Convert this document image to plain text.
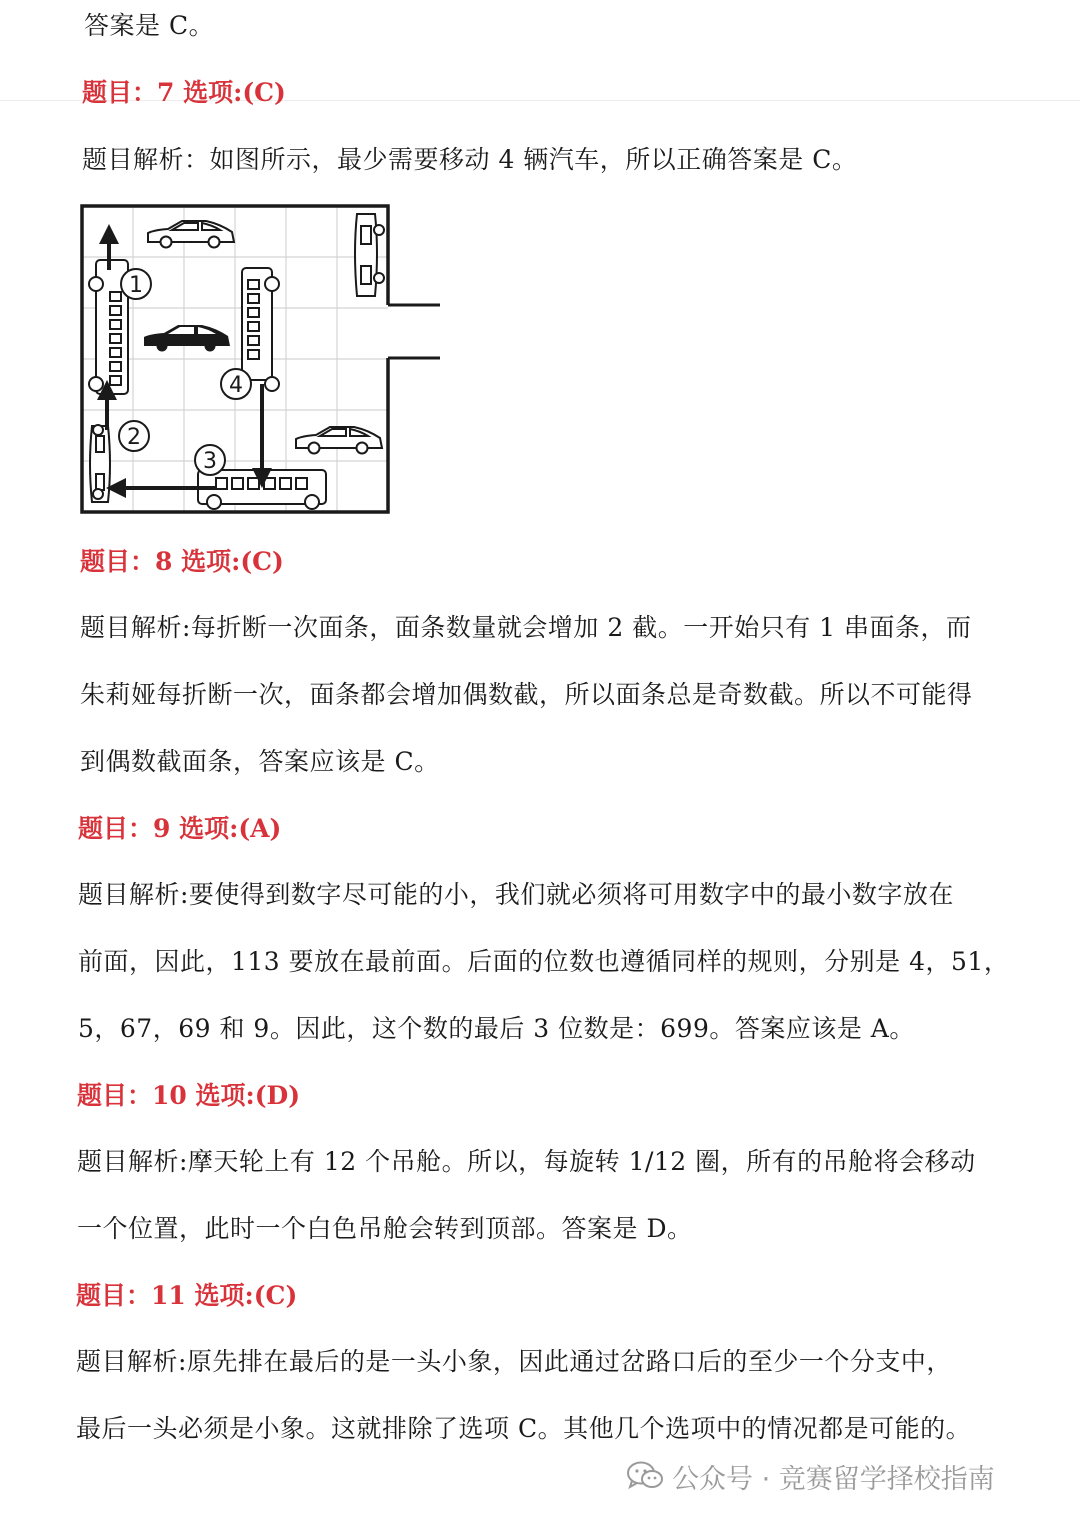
答案是 C。
题目：7 选项:(C)
题目解析：如图所示，最少需要移动 4 辆汽车，所以正确答案是 C。
1
2
3
4
题目：8 选项:(C)
题目解析:每折断一次面条，面条数量就会增加 2 截。一开始只有 1 串面条，而
朱莉娅每折断一次，面条都会增加偶数截，所以面条总是奇数截。所以不可能得
到偶数截面条，答案应该是 C。
题目：9 选项:(A)
题目解析:要使得到数字尽可能的小，我们就必须将可用数字中的最小数字放在
前面，因此，113 要放在最前面。后面的位数也遵循同样的规则，分别是 4，51，
5，67，69 和 9。因此，这个数的最后 3 位数是：699。答案应该是 A。
题目：10 选项:(D)
题目解析:摩天轮上有 12 个吊舱。所以，每旋转 1/12 圈，所有的吊舱将会移动
一个位置，此时一个白色吊舱会转到顶部。答案是 D。
题目：11 选项:(C)
题目解析:原先排在最后的是一头小象，因此通过岔路口后的至少一个分支中，
最后一头必须是小象。这就排除了选项 C。其他几个选项中的情况都是可能的。
公众号 · 竞赛留学择校指南
